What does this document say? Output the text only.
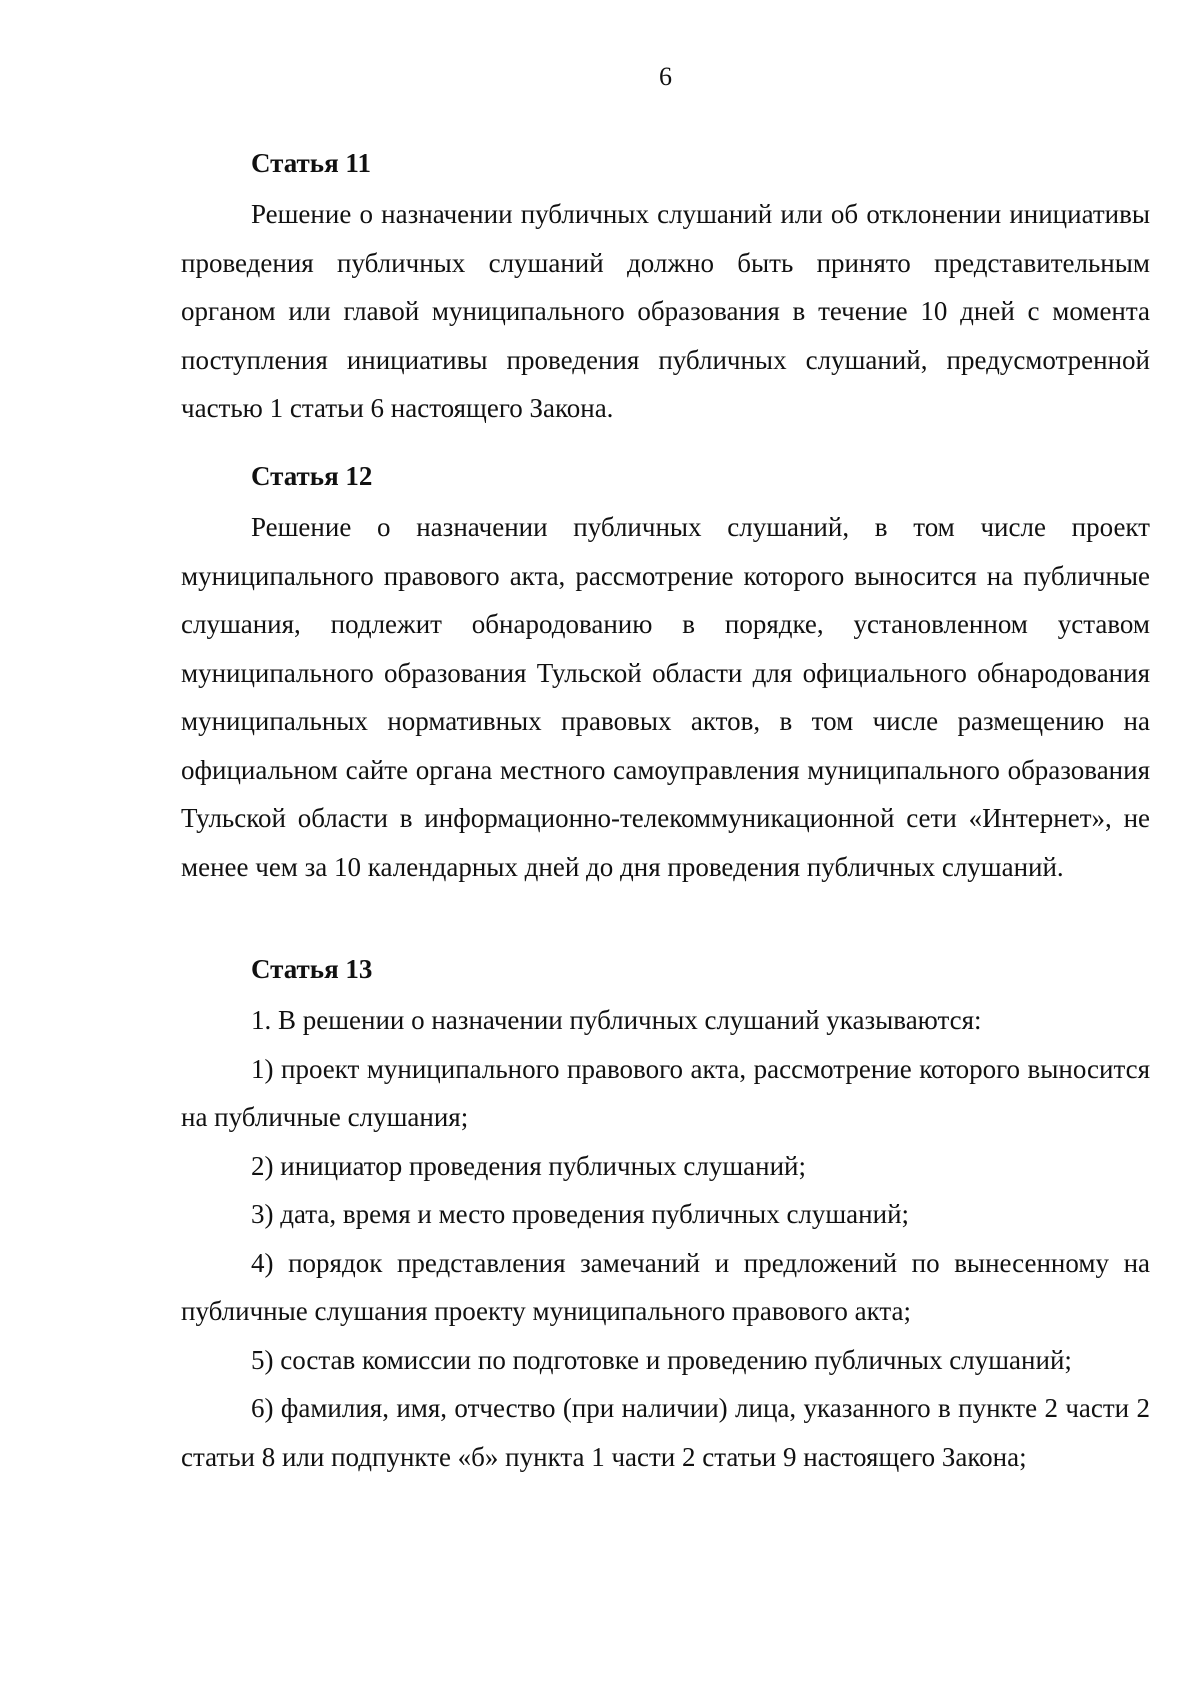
6
Статья 11

Решение о назначении публичных слушаний или об отклонении инициативы проведения публичных слушаний должно быть принято представительным органом или главой муниципального образования в течение 10 дней с момента поступления инициативы проведения публичных слушаний, предусмотренной частью 1 статьи 6 настоящего Закона.

Статья 12

Решение о назначении публичных слушаний, в том числе проект муниципального правового акта, рассмотрение которого выносится на публичные слушания, подлежит обнародованию в порядке, установленном уставом муниципального образования Тульской области для официального обнародования муниципальных нормативных правовых актов, в том числе размещению на официальном сайте органа местного самоуправления муниципального образования Тульской области в информационно-телекоммуникационной сети «Интернет», не менее чем за 10 календарных дней до дня проведения публичных слушаний.

Статья 13

1. В решении о назначении публичных слушаний указываются:

1) проект муниципального правового акта, рассмотрение которого выносится на публичные слушания;

2) инициатор проведения публичных слушаний;

3) дата, время и место проведения публичных слушаний;

4) порядок представления замечаний и предложений по вынесенному на публичные слушания проекту муниципального правового акта;

5) состав комиссии по подготовке и проведению публичных слушаний;

6) фамилия, имя, отчество (при наличии) лица, указанного в пункте 2 части 2 статьи 8 или подпункте «б» пункта 1 части 2 статьи 9 настоящего Закона;
